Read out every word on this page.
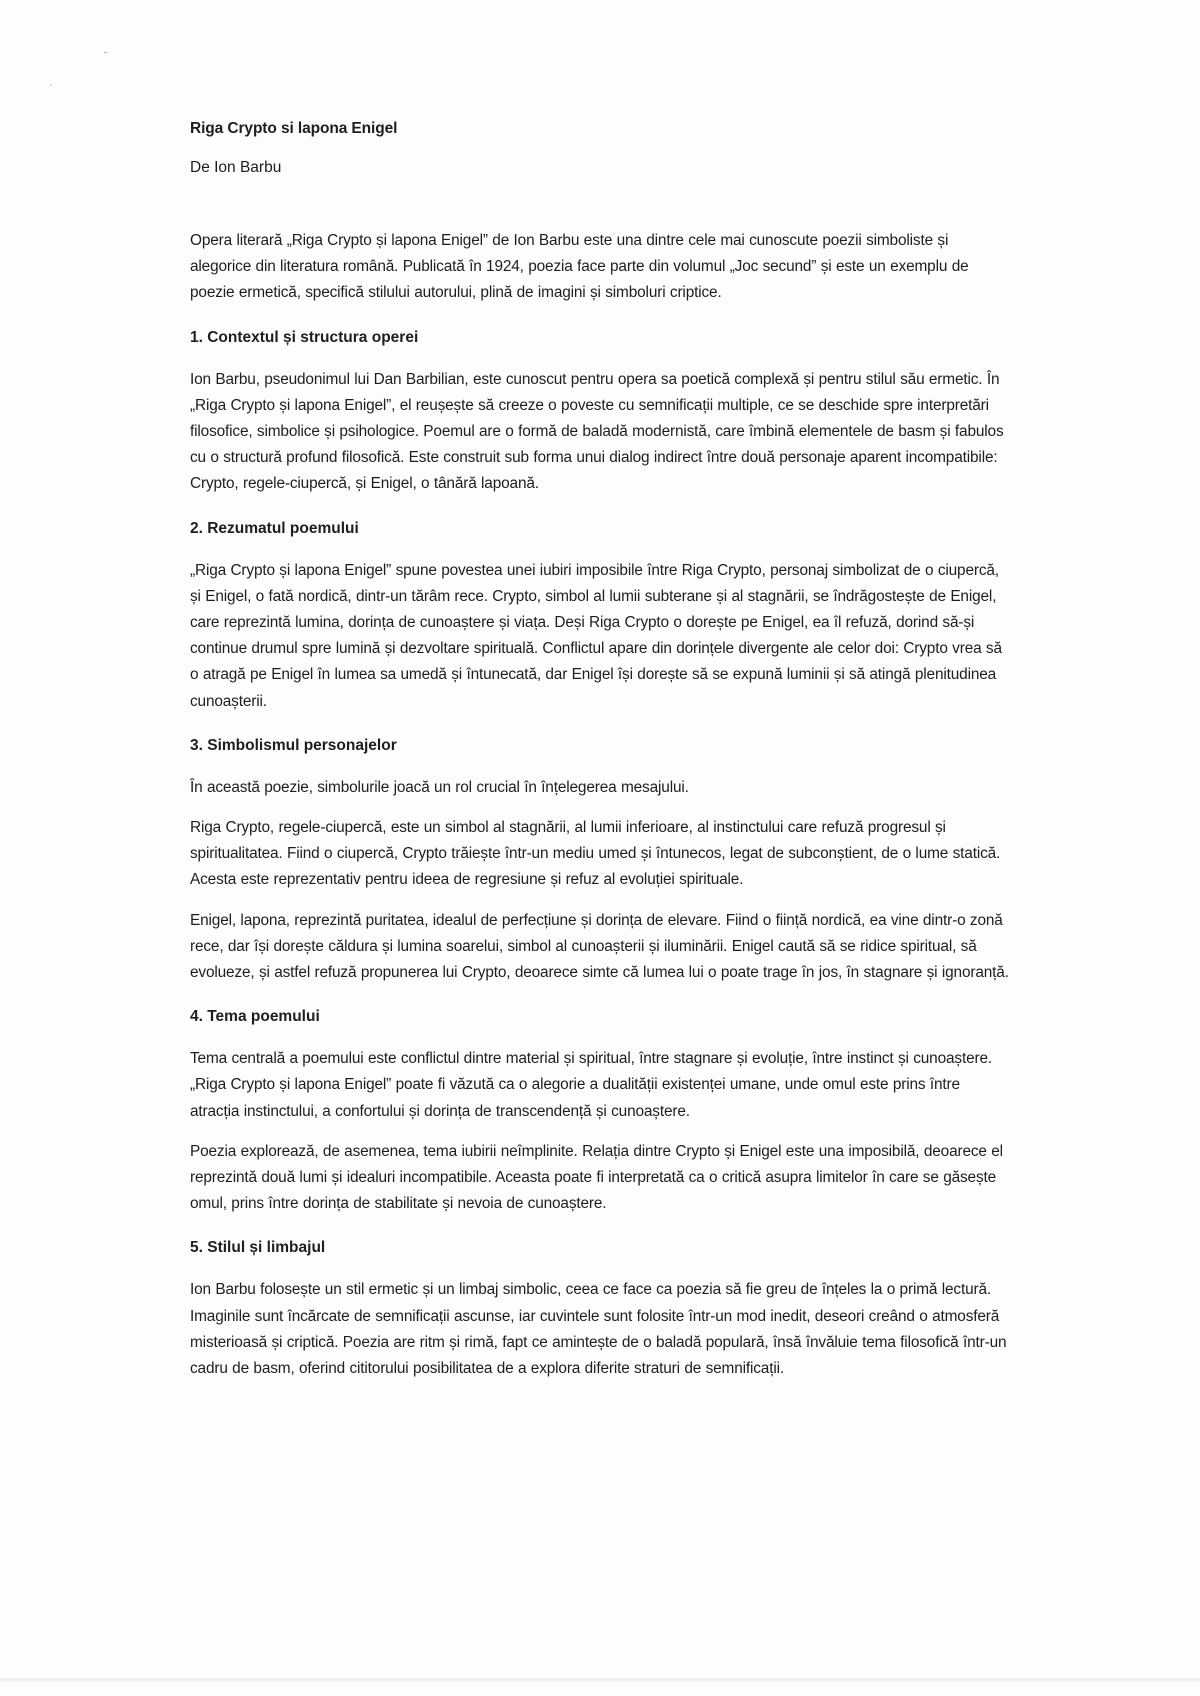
˜
ˏ
Riga Crypto si lapona Enigel
De Ion Barbu

Opera literară „Riga Crypto și lapona Enigel” de Ion Barbu este una dintre cele mai cunoscute poezii simboliste și alegorice din literatura română. Publicată în 1924, poezia face parte din volumul „Joc secund” și este un exemplu de poezie ermetică, specifică stilului autorului, plină de imagini și simboluri criptice.

1. Contextul și structura operei

Ion Barbu, pseudonimul lui Dan Barbilian, este cunoscut pentru opera sa poetică complexă și pentru stilul său ermetic. În „Riga Crypto și lapona Enigel”, el reușește să creeze o poveste cu semnificații multiple, ce se deschide spre interpretări filosofice, simbolice și psihologice. Poemul are o formă de baladă modernistă, care îmbină elementele de basm și fabulos cu o structură profund filosofică. Este construit sub forma unui dialog indirect între două personaje aparent incompatibile: Crypto, regele-ciupercă, și Enigel, o tânără lapoană.

2. Rezumatul poemului

„Riga Crypto și lapona Enigel” spune povestea unei iubiri imposibile între Riga Crypto, personaj simbolizat de o ciupercă, și Enigel, o fată nordică, dintr-un tărâm rece. Crypto, simbol al lumii subterane și al stagnării, se îndrăgostește de Enigel, care reprezintă lumina, dorința de cunoaștere și viața. Deși Riga Crypto o dorește pe Enigel, ea îl refuză, dorind să-și continue drumul spre lumină și dezvoltare spirituală. Conflictul apare din dorințele divergente ale celor doi: Crypto vrea să o atragă pe Enigel în lumea sa umedă și întunecată, dar Enigel își dorește să se expună luminii și să atingă plenitudinea cunoașterii.

3. Simbolismul personajelor

În această poezie, simbolurile joacă un rol crucial în înțelegerea mesajului.

Riga Crypto, regele-ciupercă, este un simbol al stagnării, al lumii inferioare, al instinctului care refuză progresul și spiritualitatea. Fiind o ciupercă, Crypto trăiește într-un mediu umed și întunecos, legat de subconștient, de o lume statică. Acesta este reprezentativ pentru ideea de regresiune și refuz al evoluției spirituale.

Enigel, lapona, reprezintă puritatea, idealul de perfecțiune și dorința de elevare. Fiind o ființă nordică, ea vine dintr-o zonă rece, dar își dorește căldura și lumina soarelui, simbol al cunoașterii și iluminării. Enigel caută să se ridice spiritual, să evolueze, și astfel refuză propunerea lui Crypto, deoarece simte că lumea lui o poate trage în jos, în stagnare și ignoranță.

4. Tema poemului

Tema centrală a poemului este conflictul dintre material și spiritual, între stagnare și evoluție, între instinct și cunoaștere. „Riga Crypto și lapona Enigel” poate fi văzută ca o alegorie a dualității existenței umane, unde omul este prins între atracția instinctului, a confortului și dorința de transcendență și cunoaștere.

Poezia explorează, de asemenea, tema iubirii neîmplinite. Relația dintre Crypto și Enigel este una imposibilă, deoarece el reprezintă două lumi și idealuri incompatibile. Aceasta poate fi interpretată ca o critică asupra limitelor în care se găsește omul, prins între dorința de stabilitate și nevoia de cunoaștere.

5. Stilul și limbajul

Ion Barbu folosește un stil ermetic și un limbaj simbolic, ceea ce face ca poezia să fie greu de înțeles la o primă lectură. Imaginile sunt încărcate de semnificații ascunse, iar cuvintele sunt folosite într-un mod inedit, deseori creând o atmosferă misterioasă și criptică. Poezia are ritm și rimă, fapt ce amintește de o baladă populară, însă învăluie tema filosofică într-un cadru de basm, oferind cititorului posibilitatea de a explora diferite straturi de semnificații.
